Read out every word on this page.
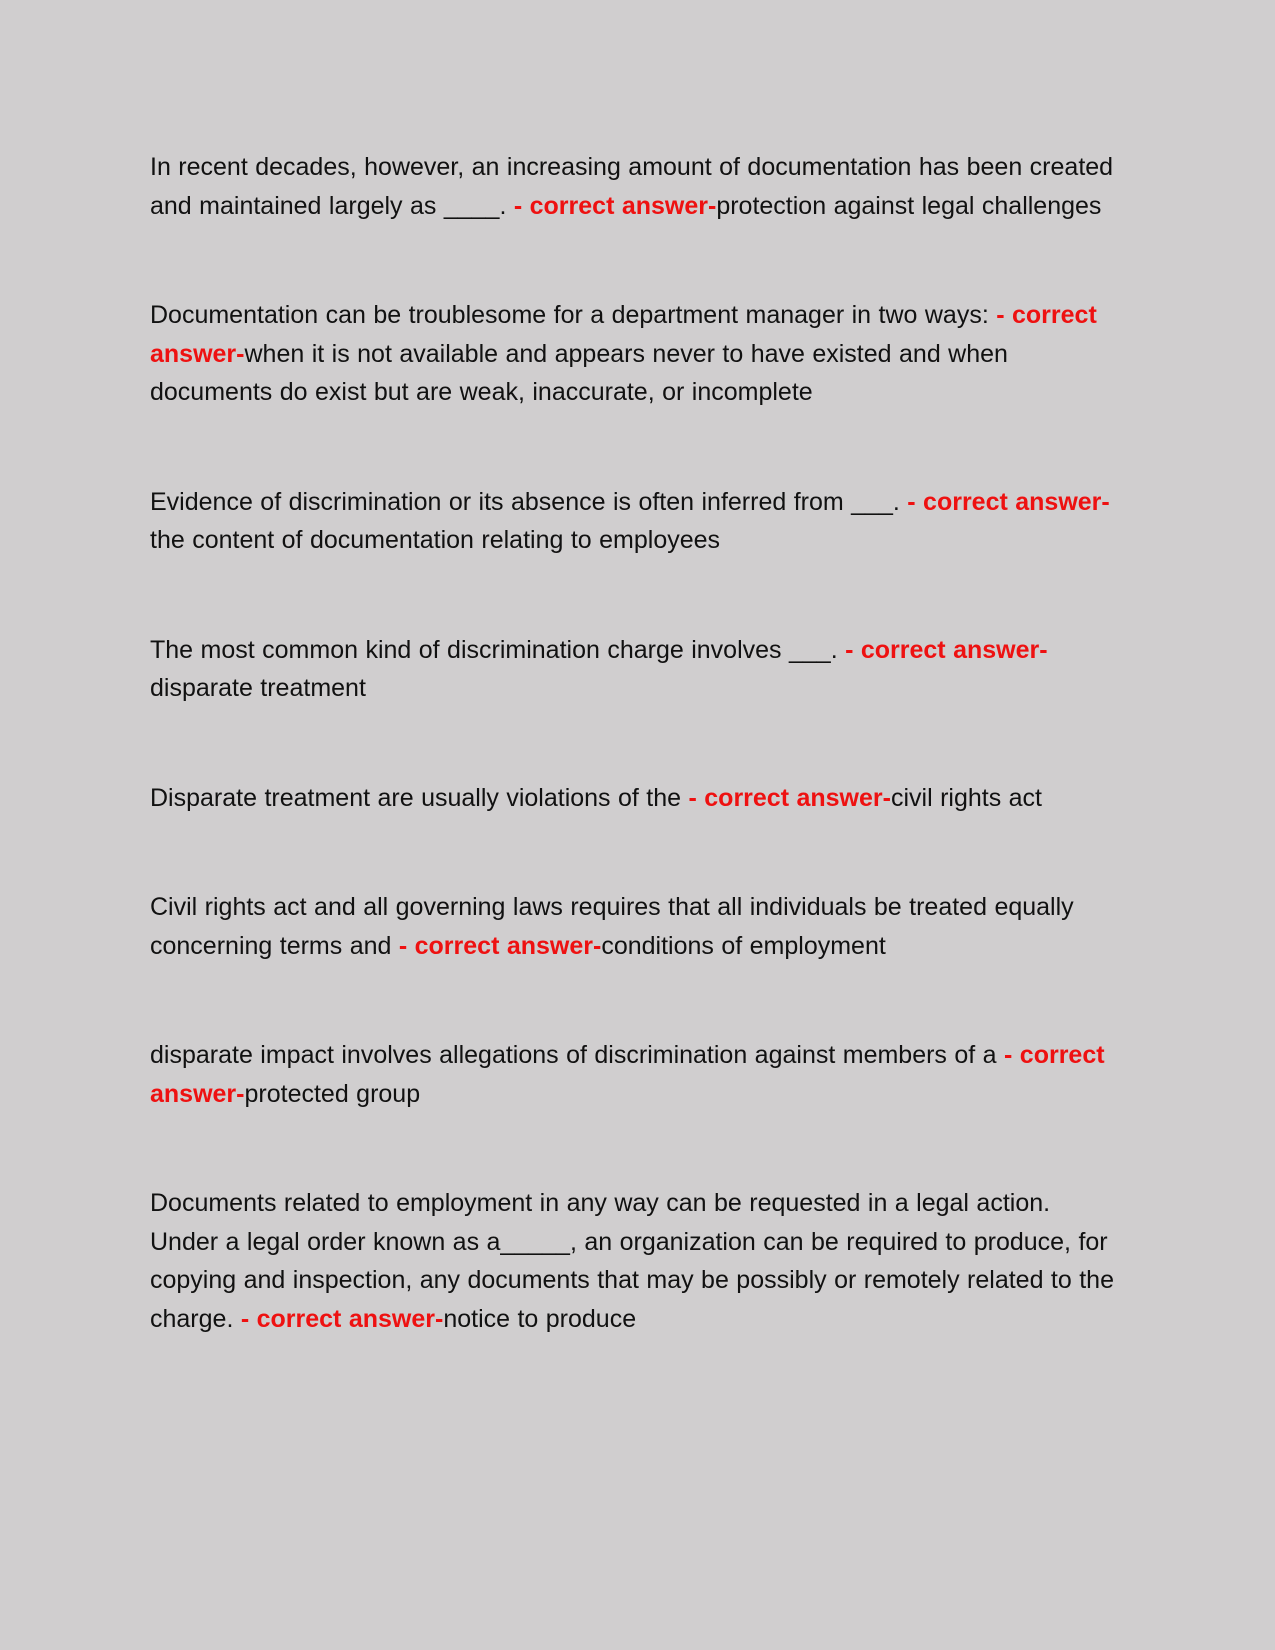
In recent decades, however, an increasing amount of documentation has been created and maintained largely as ____. - correct answer-protection against legal challenges

Documentation can be troublesome for a department manager in two ways: - correct answer-when it is not available and appears never to have existed and when documents do exist but are weak, inaccurate, or incomplete

Evidence of discrimination or its absence is often inferred from ___. - correct answer-the content of documentation relating to employees

The most common kind of discrimination charge involves ___. - correct answer-disparate treatment

Disparate treatment are usually violations of the - correct answer-civil rights act

Civil rights act and all governing laws requires that all individuals be treated equally concerning terms and - correct answer-conditions of employment

disparate impact involves allegations of discrimination against members of a - correct answer-protected group

Documents related to employment in any way can be requested in a legal action. Under a legal order known as a_____, an organization can be required to produce, for copying and inspection, any documents that may be possibly or remotely related to the charge. - correct answer-notice to produce
